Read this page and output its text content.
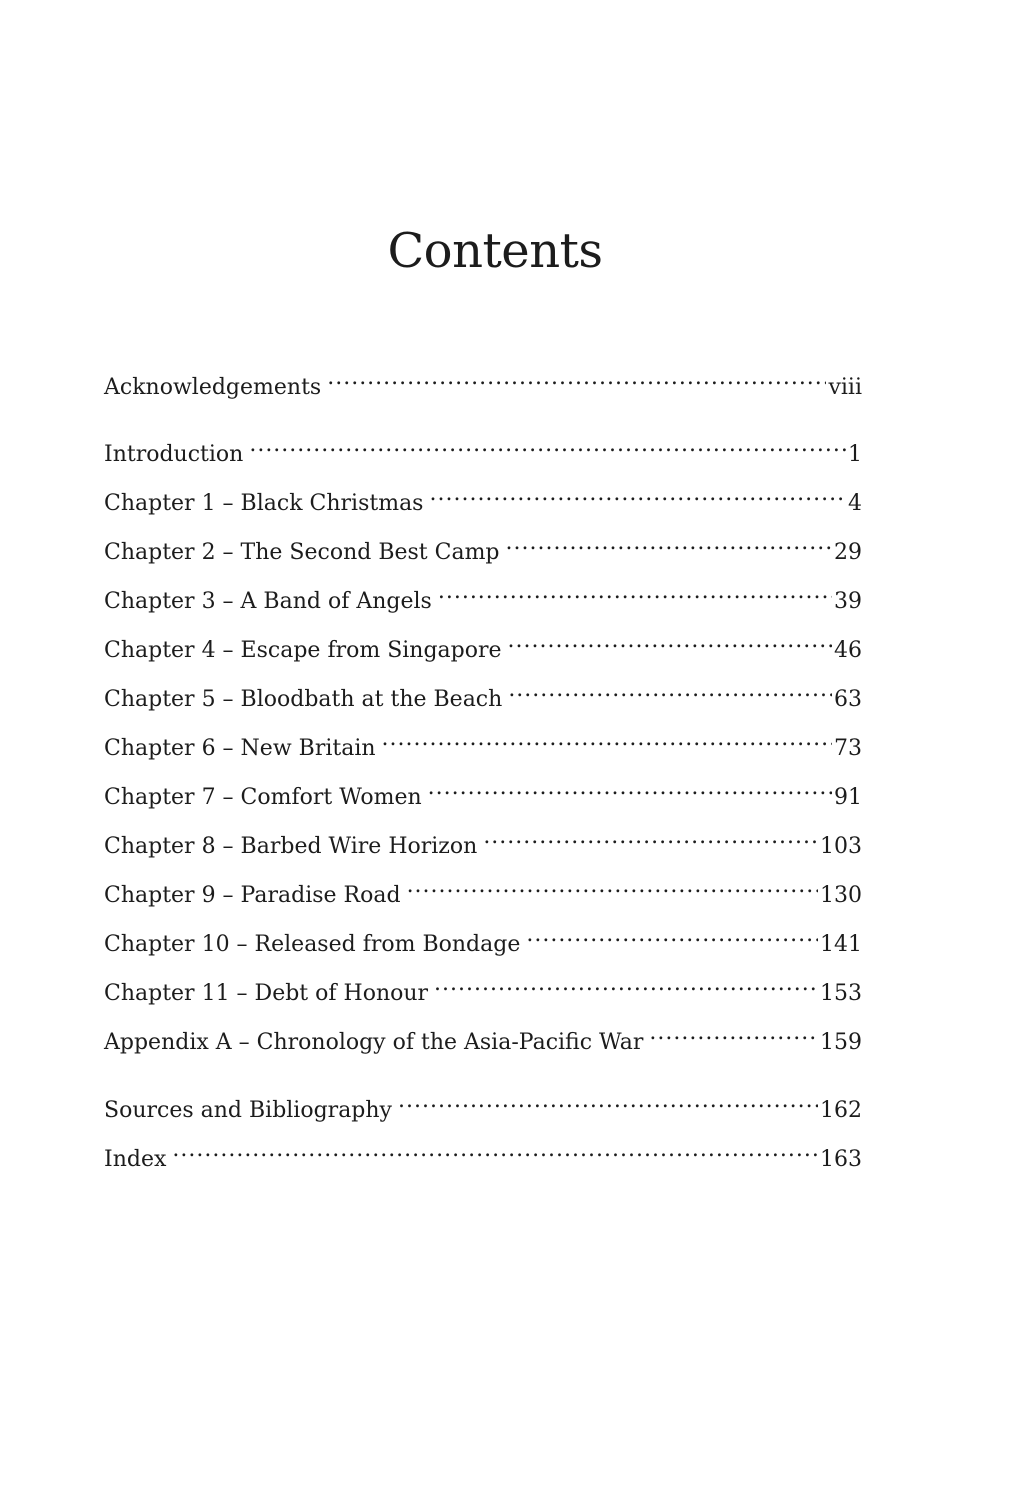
Contents
Acknowledgements .....	viii
Introduction .....	1
Chapter 1 – Black Christmas .....	4
Chapter 2 – The Second Best Camp .....	29
Chapter 3 – A Band of Angels .....	39
Chapter 4 – Escape from Singapore .....	46
Chapter 5 – Bloodbath at the Beach .....	63
Chapter 6 – New Britain .....	73
Chapter 7 – Comfort Women .....	91
Chapter 8 – Barbed Wire Horizon .....	103
Chapter 9 – Paradise Road .....	130
Chapter 10 – Released from Bondage .....	141
Chapter 11 – Debt of Honour .....	153
Appendix A – Chronology of the Asia-Pacific War .....	159
Sources and Bibliography .....	162
Index .....	163
